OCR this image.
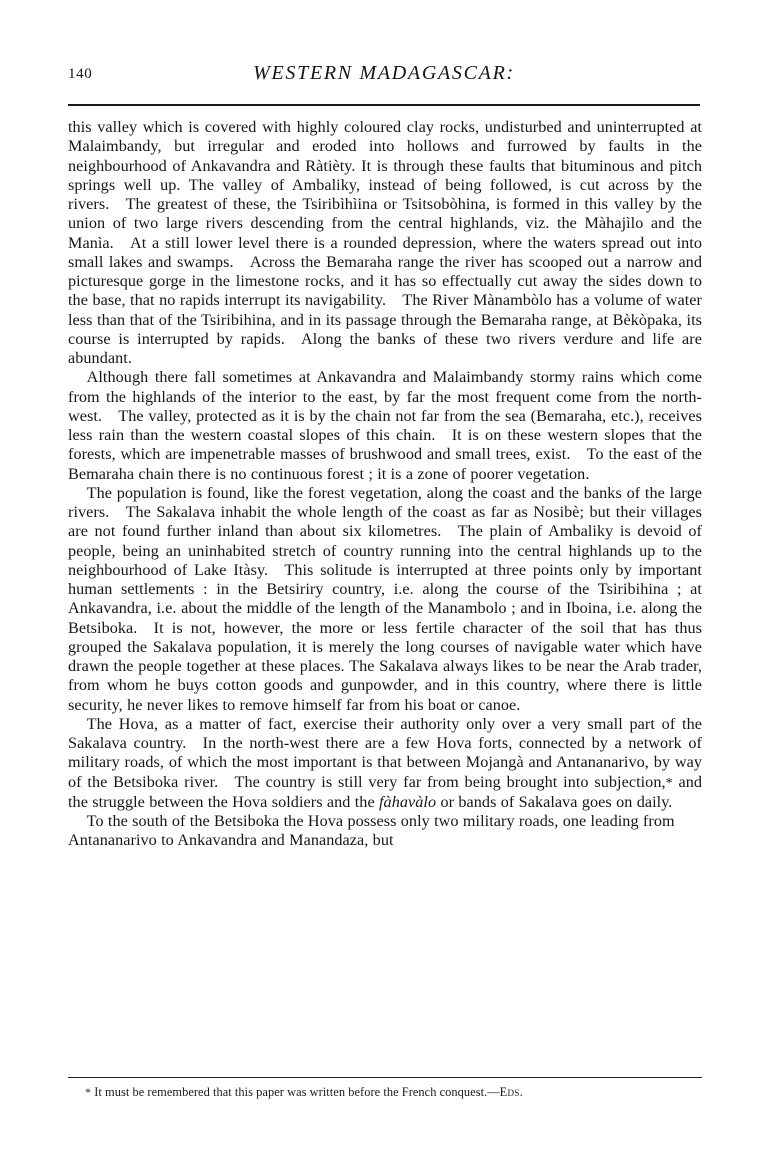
140	WESTERN MADAGASCAR:

this valley which is covered with highly coloured clay rocks, undisturbed and uninterrupted at Malaimbandy, but irregular and eroded into hollows and furrowed by faults in the neighbourhood of Ankavandra and Ràtièty. It is through these faults that bituminous and pitch springs well up. The valley of Ambaliky, instead of being followed, is cut across by the rivers. The greatest of these, the Tsiribìhìina or Tsitsobòhina, is formed in this valley by the union of two large rivers descending from the central highlands, viz. the Màhajìlo and the Manìa. At a still lower level there is a rounded depression, where the waters spread out into small lakes and swamps. Across the Bemaraha range the river has scooped out a narrow and picturesque gorge in the limestone rocks, and it has so effectually cut away the sides down to the base, that no rapids interrupt its navigability. The River Mànambòlo has a volume of water less than that of the Tsiribihina, and in its passage through the Bemaraha range, at Bèkòpaka, its course is interrupted by rapids. Along the banks of these two rivers verdure and life are abundant.

Although there fall sometimes at Ankavandra and Malaimbandy stormy rains which come from the highlands of the interior to the east, by far the most frequent come from the north-west. The valley, protected as it is by the chain not far from the sea (Bemaraha, etc.), receives less rain than the western coastal slopes of this chain. It is on these western slopes that the forests, which are impenetrable masses of brushwood and small trees, exist. To the east of the Bemaraha chain there is no continuous forest ; it is a zone of poorer vegetation.

The population is found, like the forest vegetation, along the coast and the banks of the large rivers. The Sakalava inhabit the whole length of the coast as far as Nosibè; but their villages are not found further inland than about six kilometres. The plain of Ambaliky is devoid of people, being an uninhabited stretch of country running into the central highlands up to the neighbourhood of Lake Itàsy. This solitude is interrupted at three points only by important human settlements : in the Betsiriry country, i.e. along the course of the Tsiribihina ; at Ankavandra, i.e. about the middle of the length of the Manambolo ; and in Iboina, i.e. along the Betsiboka. It is not, however, the more or less fertile character of the soil that has thus grouped the Sakalava population, it is merely the long courses of navigable water which have drawn the people together at these places. The Sakalava always likes to be near the Arab trader, from whom he buys cotton goods and gunpowder, and in this country, where there is little security, he never likes to remove himself far from his boat or canoe.

The Hova, as a matter of fact, exercise their authority only over a very small part of the Sakalava country. In the north-west there are a few Hova forts, connected by a network of military roads, of which the most important is that between Mojangà and Antananarivo, by way of the Betsiboka river. The country is still very far from being brought into subjection,* and the struggle between the Hova soldiers and the fàhavàlo or bands of Sakalava goes on daily.

To the south of the Betsiboka the Hova possess only two military roads, one leading from Antananarivo to Ankavandra and Manandaza, but

* It must be remembered that this paper was written before the French conquest.—Eds.
